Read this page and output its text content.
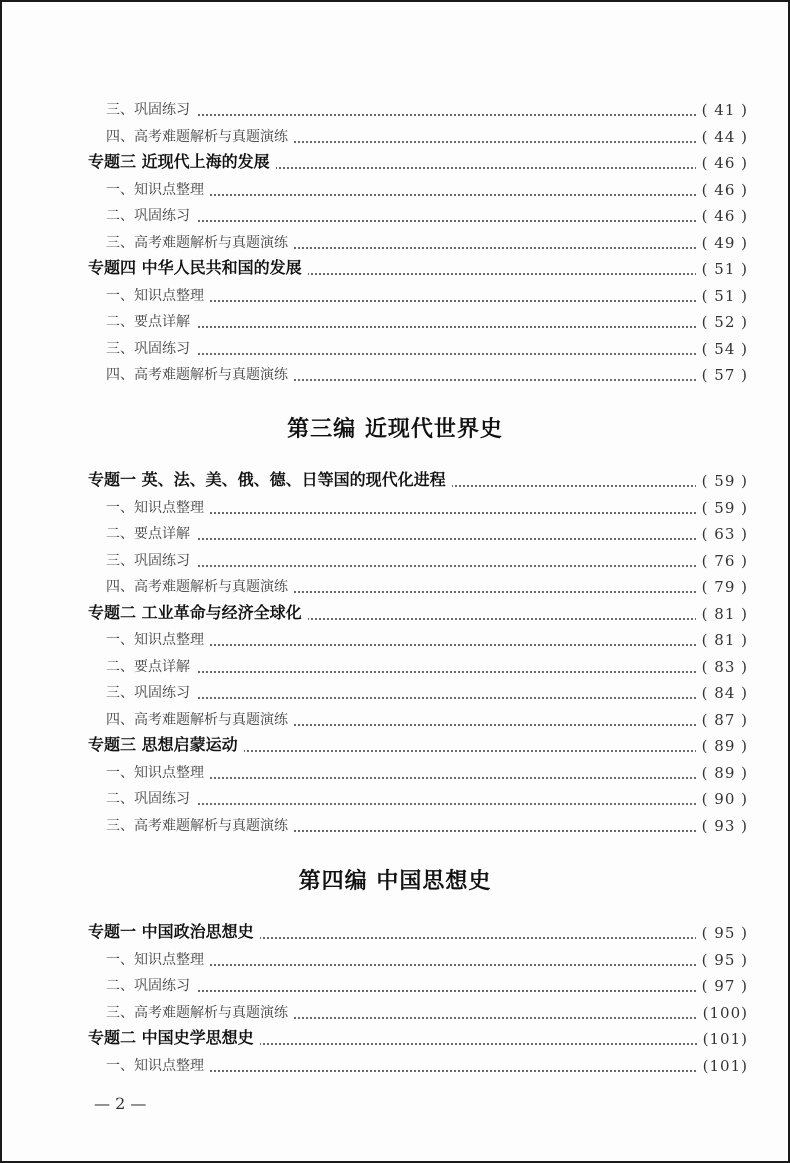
三、巩固练习	( 41 )
四、高考难题解析与真题演练	( 44 )
专题三 近现代上海的发展	( 46 )
一、知识点整理	( 46 )
二、巩固练习	( 46 )
三、高考难题解析与真题演练	( 49 )
专题四 中华人民共和国的发展	( 51 )
一、知识点整理	( 51 )
二、要点详解	( 52 )
三、巩固练习	( 54 )
四、高考难题解析与真题演练	( 57 )
第三编 近现代世界史
专题一 英、法、美、俄、德、日等国的现代化进程	( 59 )
一、知识点整理	( 59 )
二、要点详解	( 63 )
三、巩固练习	( 76 )
四、高考难题解析与真题演练	( 79 )
专题二 工业革命与经济全球化	( 81 )
一、知识点整理	( 81 )
二、要点详解	( 83 )
三、巩固练习	( 84 )
四、高考难题解析与真题演练	( 87 )
专题三 思想启蒙运动	( 89 )
一、知识点整理	( 89 )
二、巩固练习	( 90 )
三、高考难题解析与真题演练	( 93 )
第四编 中国思想史
专题一 中国政治思想史	( 95 )
一、知识点整理	( 95 )
二、巩固练习	( 97 )
三、高考难题解析与真题演练	(100)
专题二 中国史学思想史	(101)
一、知识点整理	(101)
— 2 —
